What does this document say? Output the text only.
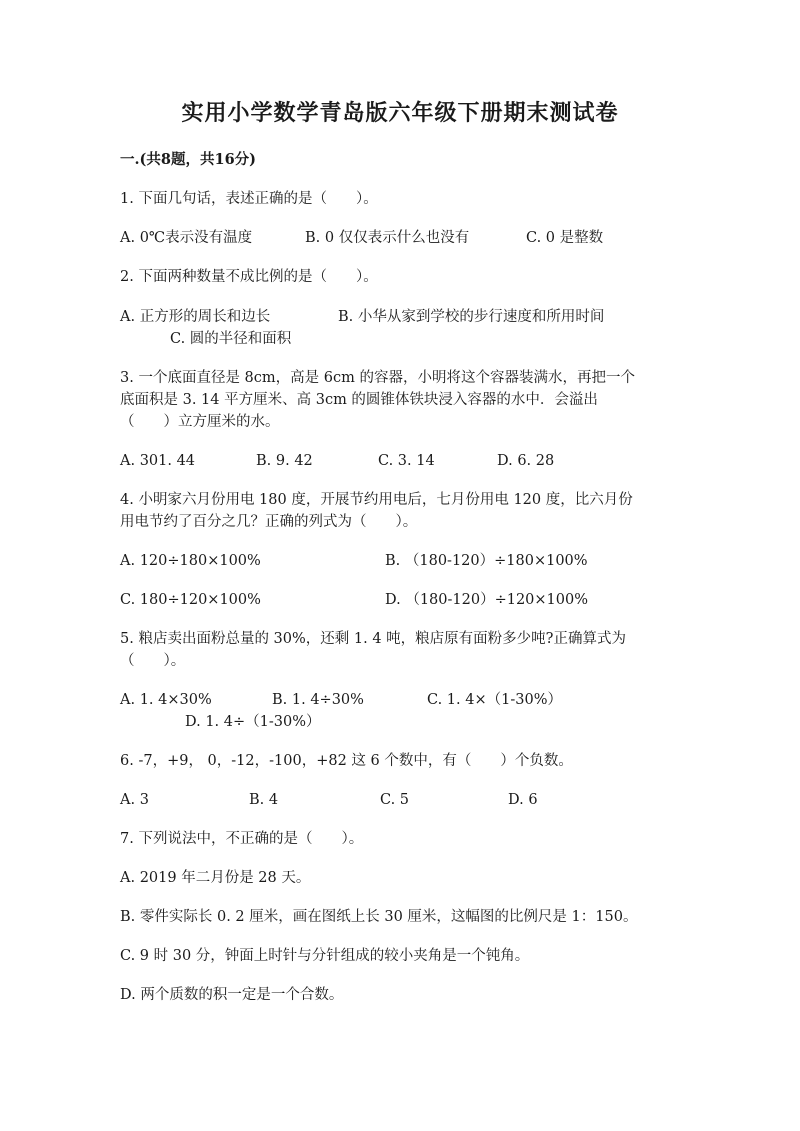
实用小学数学青岛版六年级下册期末测试卷
一.(共8题，共16分)
1. 下面几句话，表述正确的是（　　）。
A. 0℃表示没有温度	B. 0 仅仅表示什么也没有	C. 0 是整数
2. 下面两种数量不成比例的是（　　）。
A. 正方形的周长和边长	B. 小华从家到学校的步行速度和所用时间
C. 圆的半径和面积
3. 一个底面直径是 8cm，高是 6cm 的容器，小明将这个容器装满水，再把一个
底面积是 3. 14 平方厘米、高 3cm 的圆锥体铁块浸入容器的水中．会溢出
（　　）立方厘米的水。
A. 301. 44	B. 9. 42	C. 3. 14	D. 6. 28
4. 小明家六月份用电 180 度，开展节约用电后，七月份用电 120 度，比六月份
用电节约了百分之几？正确的列式为（　　）。
A. 120÷180×100%	B. （180-120）÷180×100%
C. 180÷120×100%	D. （180-120）÷120×100%
5. 粮店卖出面粉总量的 30%，还剩 1. 4 吨，粮店原有面粉多少吨?正确算式为
（　　）。
A. 1. 4×30%	B. 1. 4÷30%	C. 1. 4×（1-30%）
D. 1. 4÷（1-30%）
6. -7，+9， 0，-12，-100，+82 这 6 个数中，有（　　）个负数。
A. 3	B. 4	C. 5	D. 6
7. 下列说法中，不正确的是（　　）。
A. 2019 年二月份是 28 天。
B. 零件实际长 0. 2 厘米，画在图纸上长 30 厘米，这幅图的比例尺是 1：150。
C. 9 时 30 分，钟面上时针与分针组成的较小夹角是一个钝角。
D. 两个质数的积一定是一个合数。
